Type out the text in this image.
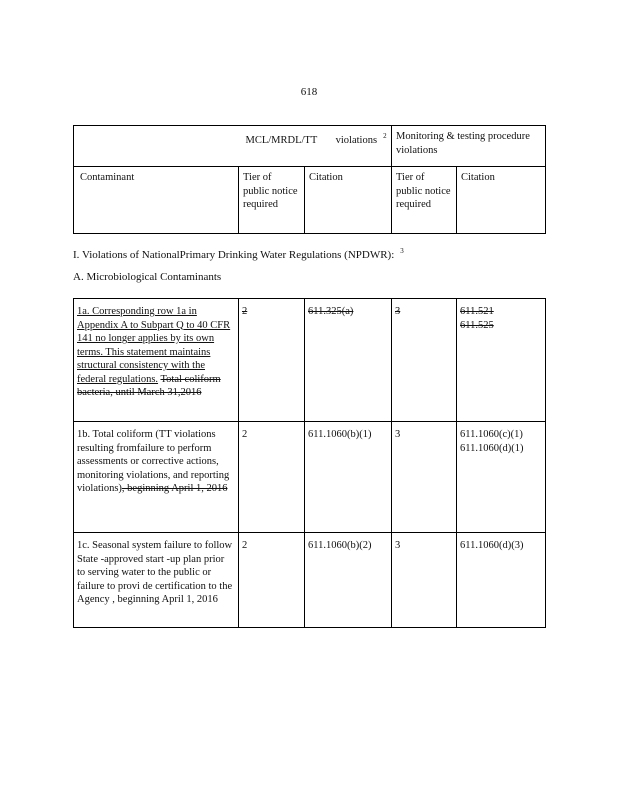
618
		MCL/MRDL/TT violations $^2$	Monitoring & testing procedure violations	
Contaminant	Tier of public notice required	Citation	Tier of public notice required	Citation
I. Violations of NationalPrimary Drinking Water Regulations (NPDWR): $^3$
A. Microbiological Contaminants
1a. Corresponding row 1a in Appendix A to Subpart Q to 40 CFR 141 no longer applies by its own terms. This statement maintains structural consistency with the federal regulations. Total coliform bacteria, until March 31,2016	2	611.325(a)	3	611.521
611.525

1b. Total coliform (TT violations resulting fromfailure to perform assessments or corrective actions, monitoring violations, and reporting violations), beginning April 1, 2016	2	611.1060(b)(1)	3	611.1060(c)(1)
611.1060(d)(1)

1c. Seasonal system failure to follow State -approved start -up plan prior to serving water to the public or failure to provi de certification to the Agency , beginning April 1, 2016	2	611.1060(b)(2)	3	611.1060(d)(3)
